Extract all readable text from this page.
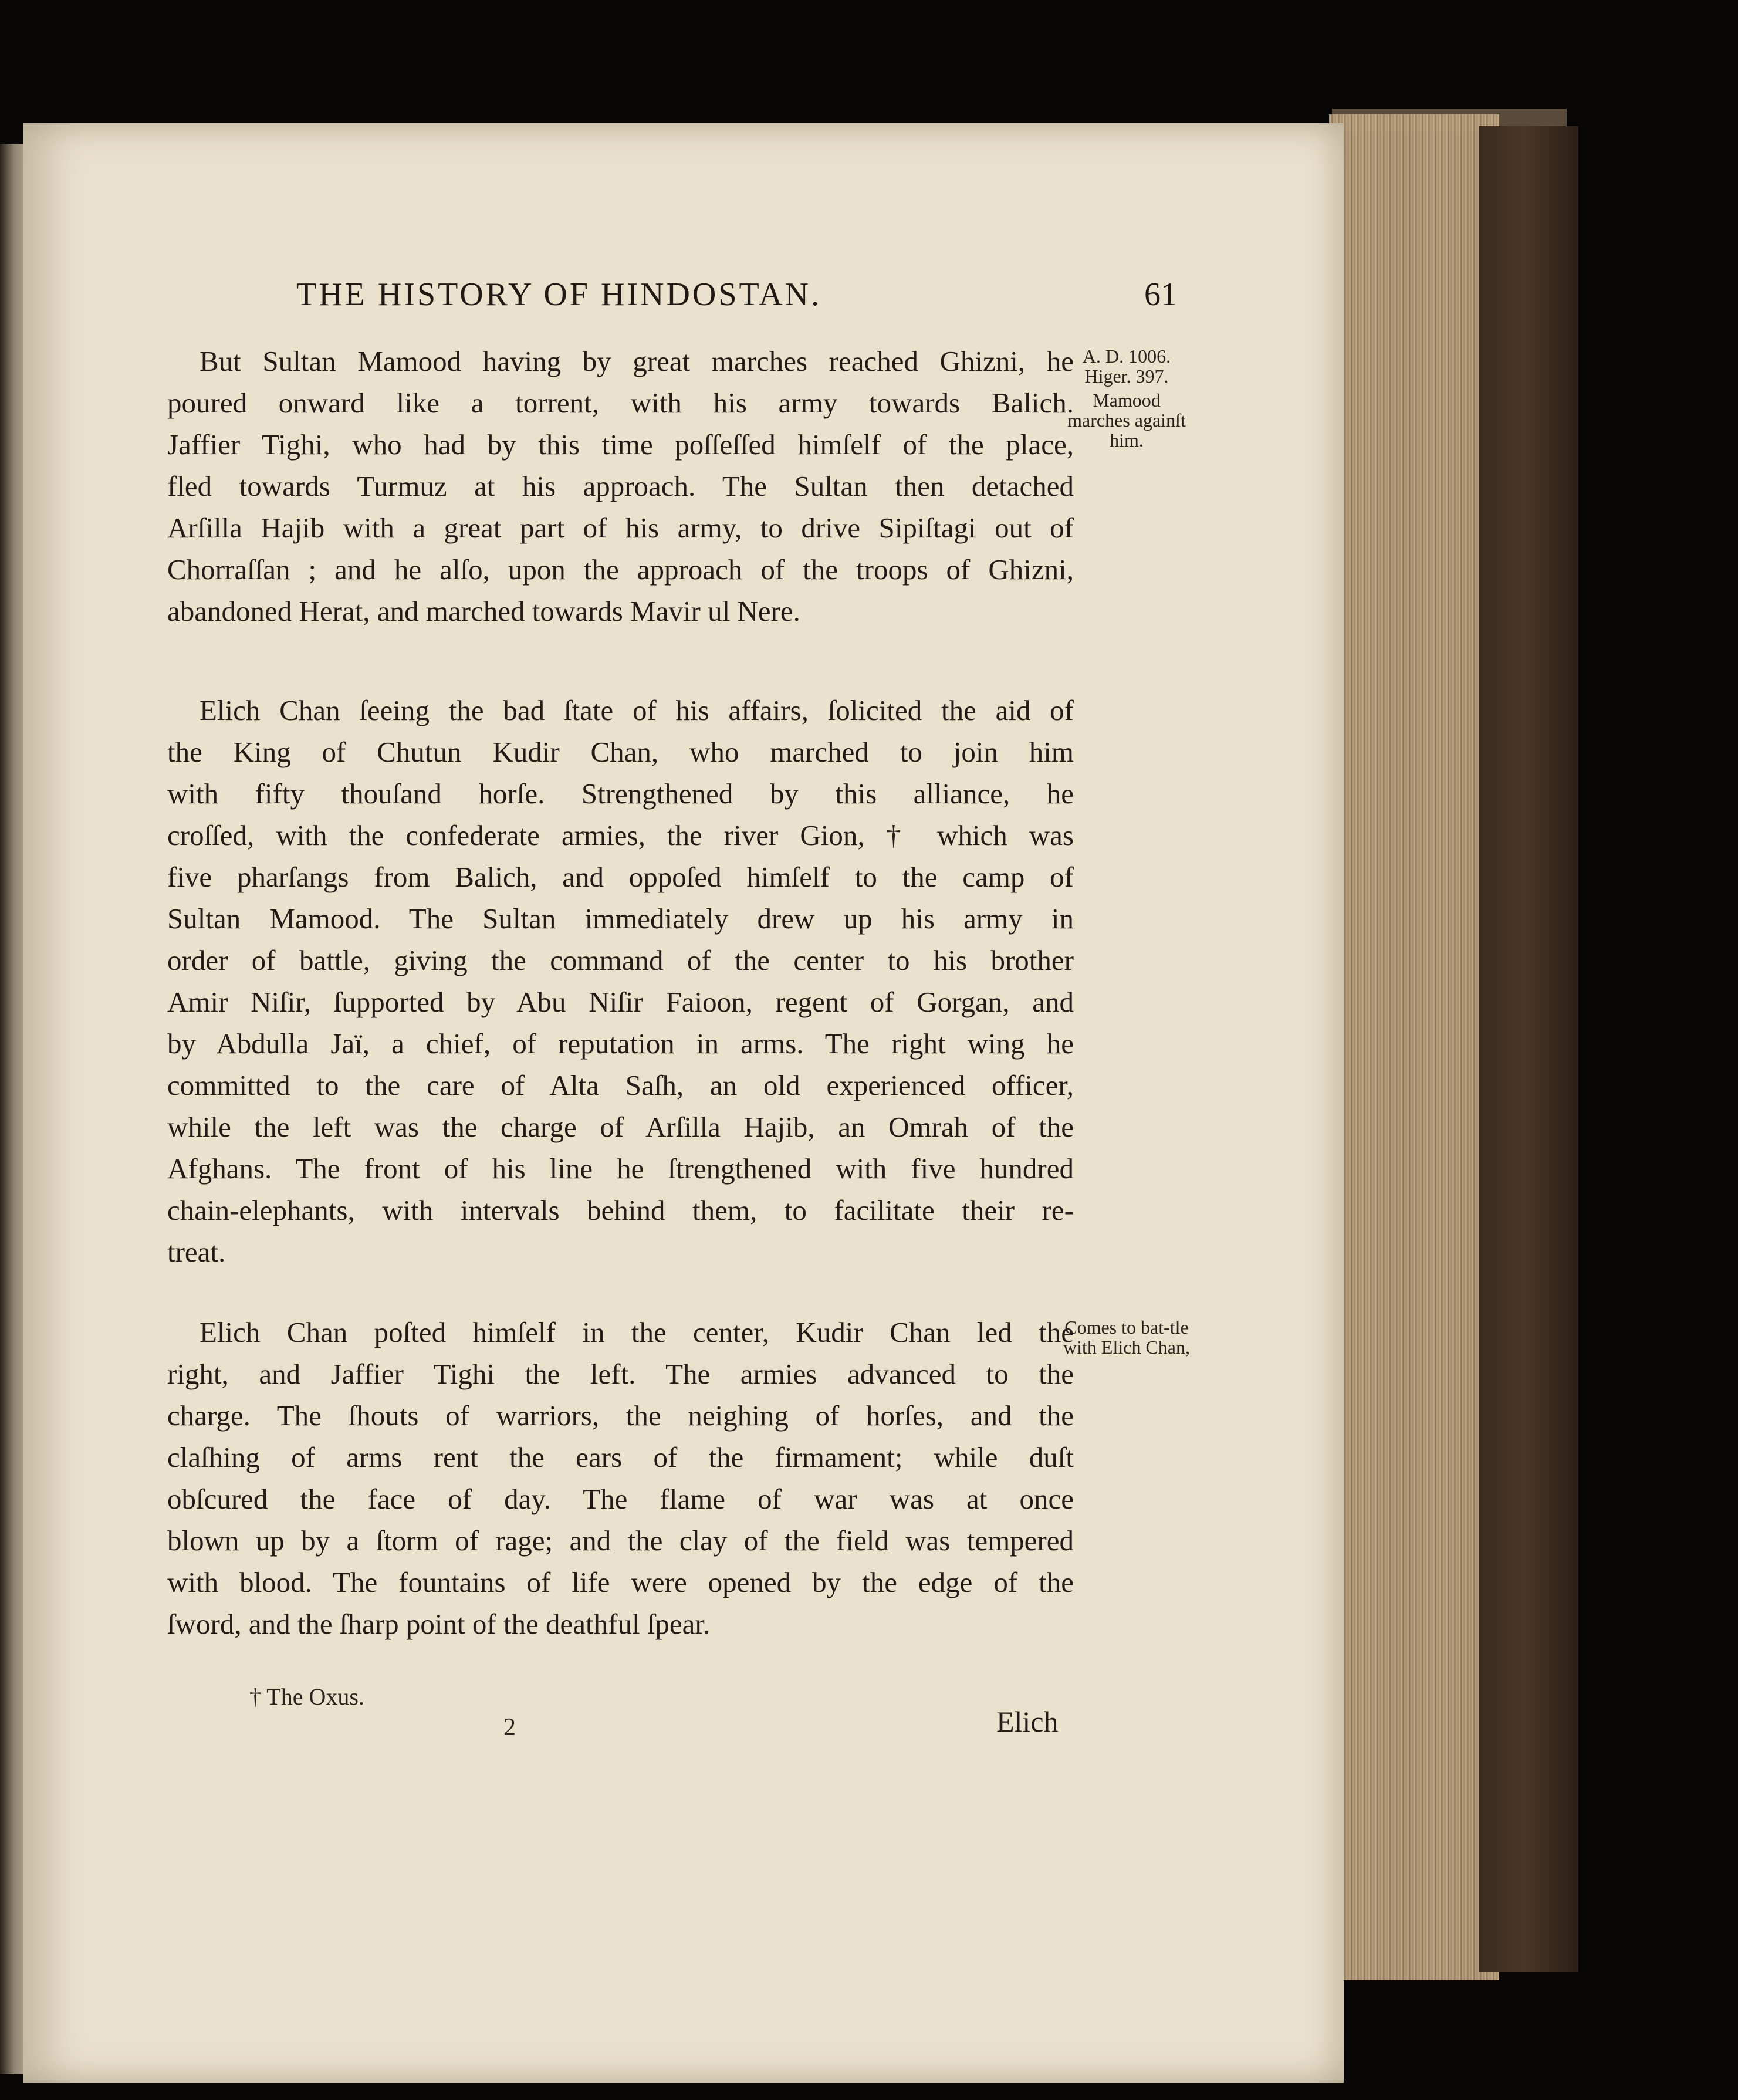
THE HISTORY OF HINDOSTAN.	61
A. D. 1006. Higer. 397.
Mamood marches againſt him.
Comes to bat-tle with Elich Chan,
But Sultan Mamood having by great marches reached Ghizni, he
poured onward like a torrent, with his army towards Balich.
Jaffier Tighi, who had by this time poſſeſſed himſelf of the place,
fled towards Turmuz at his approach. The Sultan then detached
Arſilla Hajib with a great part of his army, to drive Sipiſtagi out of
Chorraſſan ; and he alſo, upon the approach of the troops of Ghizni,
abandoned Herat, and marched towards Mavir ul Nere.
Elich Chan ſeeing the bad ſtate of his affairs, ſolicited the aid of
the King of Chutun Kudir Chan, who marched to join him
with fifty thouſand horſe. Strengthened by this alliance, he
croſſed, with the confederate armies, the river Gion, † which was
five pharſangs from Balich, and oppoſed himſelf to the camp of
Sultan Mamood. The Sultan immediately drew up his army in
order of battle, giving the command of the center to his brother
Amir Niſir, ſupported by Abu Niſir Faioon, regent of Gorgan, and
by Abdulla Jaï, a chief, of reputation in arms. The right wing he
committed to the care of Alta Saſh, an old experienced officer,
while the left was the charge of Arſilla Hajib, an Omrah of the
Afghans. The front of his line he ſtrengthened with five hundred
chain-elephants, with intervals behind them, to facilitate their re-
treat.
Elich Chan poſted himſelf in the center, Kudir Chan led the
right, and Jaffier Tighi the left. The armies advanced to the
charge. The ſhouts of warriors, the neighing of horſes, and the
claſhing of arms rent the ears of the firmament; while duſt
obſcured the face of day. The flame of war was at once
blown up by a ſtorm of rage; and the clay of the field was tempered
with blood. The fountains of life were opened by the edge of the
ſword, and the ſharp point of the deathful ſpear.
† The Oxus.
2	Elich
